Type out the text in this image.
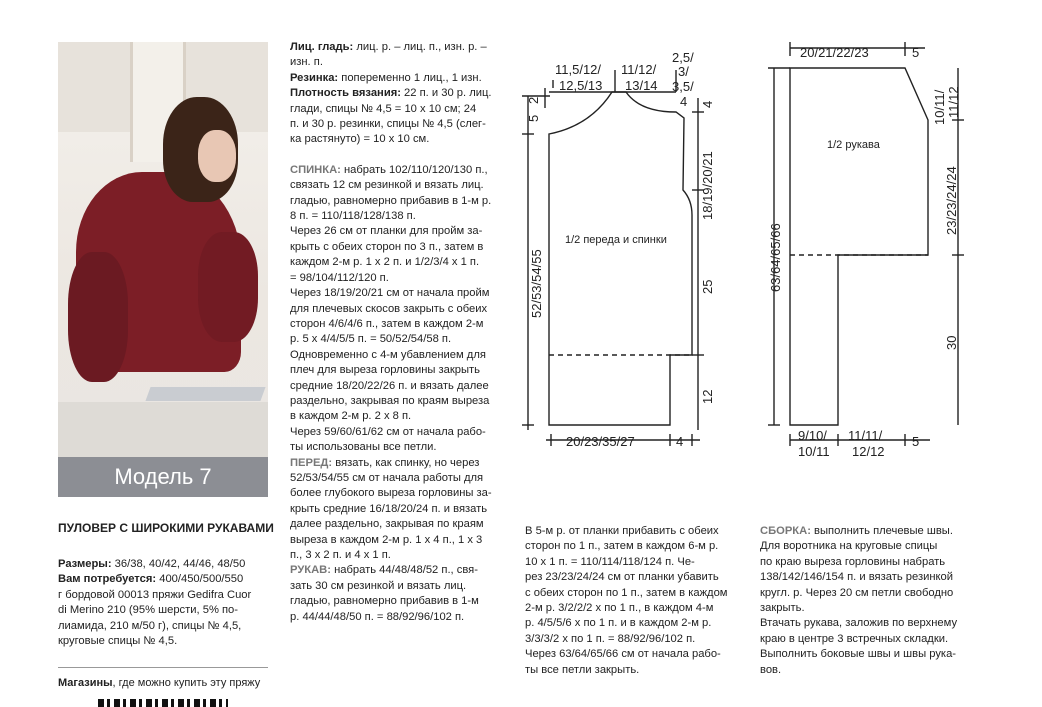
Модель 7
ПУЛОВЕР С ШИРОКИМИ РУКАВАМИ

Размеры: 36/38, 40/42, 44/46, 48/50

Вам потребуется: 400/450/500/550

г бордовой 00013 пряжи Gedifra Cuor

di Merino 210 (95% шерсти, 5% по-

лиамида, 210 м/50 г), спицы № 4,5,

круговые спицы № 4,5.

Магазины, где можно купить эту пряжу

Лиц. гладь: лиц. р. – лиц. п., изн. р. –

изн. п.

Резинка: попеременно 1 лиц., 1 изн.

Плотность вязания: 22 п. и 30 р. лиц.

глади, спицы № 4,5 = 10 х 10 см; 24

п. и 30 р. резинки, спицы № 4,5 (слег-

ка растянуто) = 10 х 10 см.

СПИНКА: набрать 102/110/120/130 п.,

связать 12 см резинкой и вязать лиц.

гладью, равномерно прибавив в 1-м р.

8 п. = 110/118/128/138 п.

Через 26 см от планки для пройм за-

крыть с обеих сторон по 3 п., затем в

каждом 2-м р. 1 х 2 п. и 1/2/3/4 х 1 п.

= 98/104/112/120 п.

Через 18/19/20/21 см от начала пройм

для плечевых скосов закрыть с обеих

сторон 4/6/4/6 п., затем в каждом 2-м

р. 5 х 4/4/5/5 п. = 50/52/54/58 п.

Одновременно с 4-м убавлением для

плеч для выреза горловины закрыть

средние 18/20/22/26 п. и вязать далее

раздельно, закрывая по краям выреза

в каждом 2-м р. 2 х 8 п.

Через 59/60/61/62 см от начала рабо-

ты использованы все петли.

ПЕРЕД: вязать, как спинку, но через

52/53/54/55 см от начала работы для

более глубокого выреза горловины за-

крыть средние 16/18/20/24 п. и вязать

далее раздельно, закрывая по краям

выреза в каждом 2-м р. 1 х 4 п., 1 х 3

п., 3 х 2 п. и 4 х 1 п.

РУКАВ: набрать 44/48/48/52 п., свя-

зать 30 см резинкой и вязать лиц.

гладью, равномерно прибавив в 1-м

р. 44/44/48/50 п. = 88/92/96/102 п.

В 5-м р. от планки прибавить с обеих

сторон по 1 п., затем в каждом 6-м р.

10 х 1 п. = 110/114/118/124 п. Че-

рез 23/23/24/24 см от планки убавить

с обеих сторон по 1 п., затем в каждом

2-м р. 3/2/2/2 х по 1 п., в каждом 4-м

р. 4/5/5/6 х по 1 п. и в каждом 2-м р.

3/3/3/2 х по 1 п. = 88/92/96/102 п.

Через 63/64/65/66 см от начала рабо-

ты все петли закрыть.

СБОРКА: выполнить плечевые швы.

Для воротника на круговые спицы

по краю выреза горловины набрать

138/142/146/154 п. и вязать резинкой

кругл. р. Через 20 см петли свободно

закрыть.

Втачать рукава, заложив по верхнему

краю в центре 3 встречных складки.

Выполнить боковые швы и швы рука-

вов.

1/2 переда и спинки
11,5/12/
12,5/13
11/12/
13/14
2,5/
3/
3,5/
4
5
2
52/53/54/55
4
18/19/20/21
25
12
20/23/35/27	4
1/2 рукава
20/21/22/23	5
10/11/ 11/12
23/23/24/24
30
63/64/65/66
9/10/
10/11
11/11/
12/12
5
